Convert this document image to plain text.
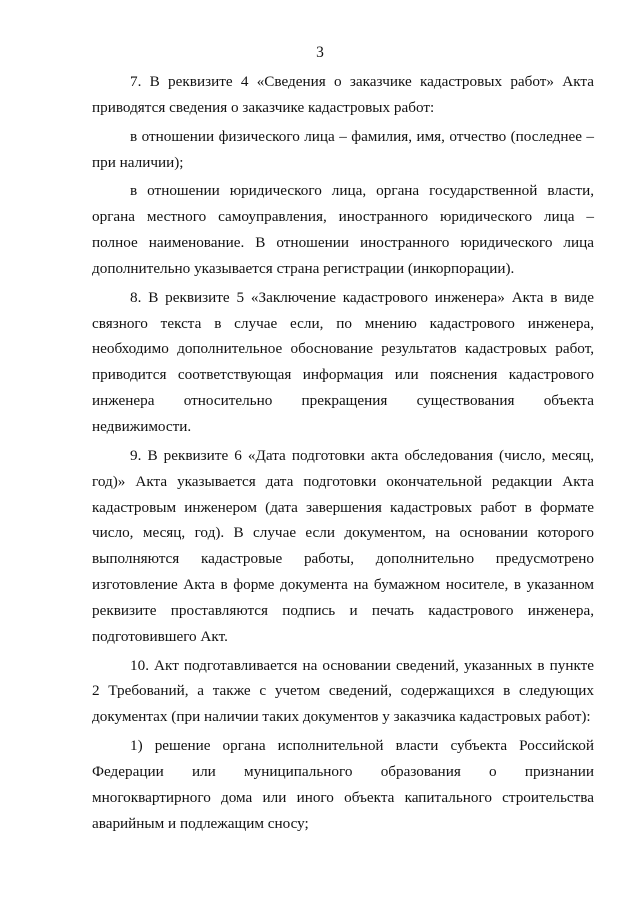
3

7. В реквизите 4 «Сведения о заказчике кадастровых работ» Акта приводятся сведения о заказчике кадастровых работ:

в отношении физического лица – фамилия, имя, отчество (последнее – при наличии);

в отношении юридического лица, органа государственной власти, органа местного самоуправления, иностранного юридического лица – полное наименование. В отношении иностранного юридического лица дополнительно указывается страна регистрации (инкорпорации).

8. В реквизите 5 «Заключение кадастрового инженера» Акта в виде связного текста в случае если, по мнению кадастрового инженера, необходимо дополнительное обоснование результатов кадастровых работ, приводится соответствующая информация или пояснения кадастрового инженера относительно прекращения существования объекта недвижимости.

9. В реквизите 6 «Дата подготовки акта обследования (число, месяц, год)» Акта указывается дата подготовки окончательной редакции Акта кадастровым инженером (дата завершения кадастровых работ в формате число, месяц, год). В случае если документом, на основании которого выполняются кадастровые работы, дополнительно предусмотрено изготовление Акта в форме документа на бумажном носителе, в указанном реквизите проставляются подпись и печать кадастрового инженера, подготовившего Акт.

10. Акт подготавливается на основании сведений, указанных в пункте 2 Требований, а также с учетом сведений, содержащихся в следующих документах (при наличии таких документов у заказчика кадастровых работ):

1) решение органа исполнительной власти субъекта Российской Федерации или муниципального образования о признании многоквартирного дома или иного объекта капитального строительства аварийным и подлежащим сносу;
